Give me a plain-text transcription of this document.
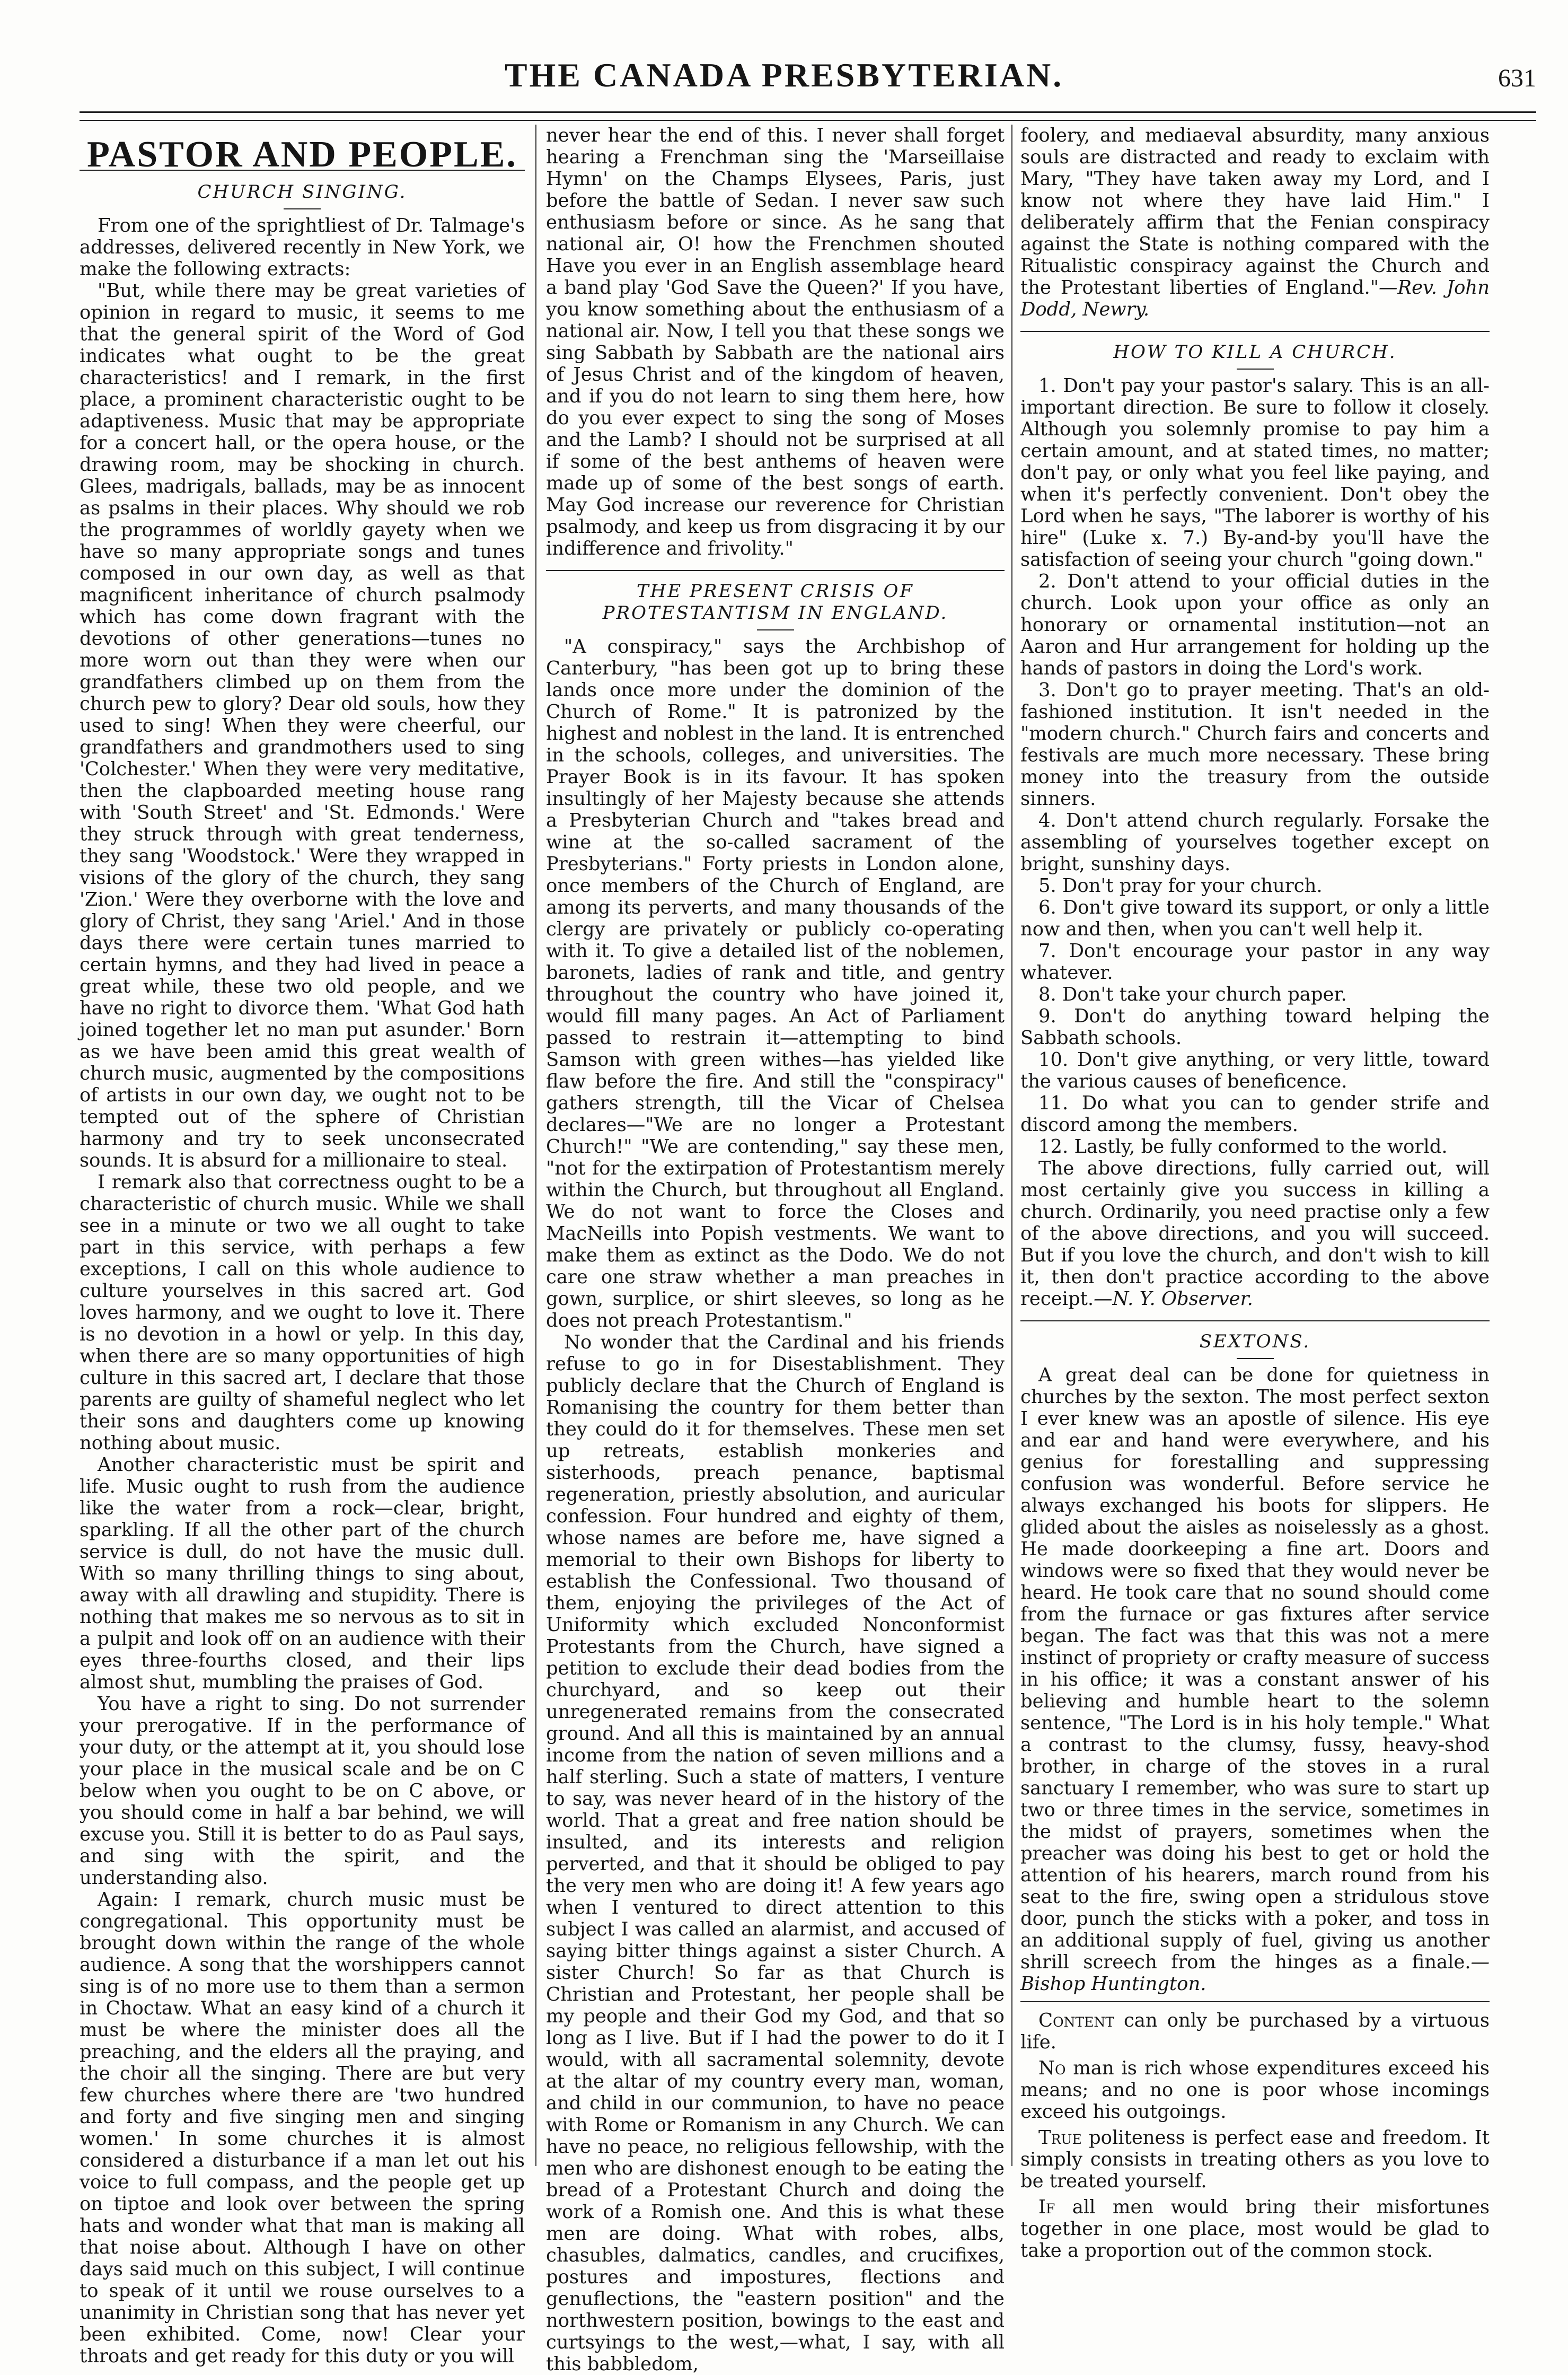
THE CANADA PRESBYTERIAN.	631
PASTOR AND PEOPLE.
CHURCH SINGING.

From one of the sprightliest of Dr. Talmage's addresses, delivered recently in New York, we make the following extracts:

"But, while there may be great varieties of opinion in regard to music, it seems to me that the general spirit of the Word of God indicates what ought to be the great characteristics! and I remark, in the first place, a prominent characteristic ought to be adaptiveness. Music that may be appropriate for a concert hall, or the opera house, or the drawing room, may be shocking in church. Glees, madrigals, ballads, may be as innocent as psalms in their places. Why should we rob the programmes of worldly gayety when we have so many appropriate songs and tunes composed in our own day, as well as that magnificent inheritance of church psalmody which has come down fragrant with the devotions of other generations—tunes no more worn out than they were when our grandfathers climbed up on them from the church pew to glory? Dear old souls, how they used to sing! When they were cheerful, our grandfathers and grandmothers used to sing 'Colchester.' When they were very meditative, then the clapboarded meeting house rang with 'South Street' and 'St. Edmonds.' Were they struck through with great tenderness, they sang 'Woodstock.' Were they wrapped in visions of the glory of the church, they sang 'Zion.' Were they overborne with the love and glory of Christ, they sang 'Ariel.' And in those days there were certain tunes married to certain hymns, and they had lived in peace a great while, these two old people, and we have no right to divorce them. 'What God hath joined together let no man put asunder.' Born as we have been amid this great wealth of church music, augmented by the compositions of artists in our own day, we ought not to be tempted out of the sphere of Christian harmony and try to seek unconsecrated sounds. It is absurd for a millionaire to steal.

I remark also that correctness ought to be a characteristic of church music. While we shall see in a minute or two we all ought to take part in this service, with perhaps a few exceptions, I call on this whole audience to culture yourselves in this sacred art. God loves harmony, and we ought to love it. There is no devotion in a howl or yelp. In this day, when there are so many opportunities of high culture in this sacred art, I declare that those parents are guilty of shameful neglect who let their sons and daughters come up knowing nothing about music.

Another characteristic must be spirit and life. Music ought to rush from the audience like the water from a rock—clear, bright, sparkling. If all the other part of the church service is dull, do not have the music dull. With so many thrilling things to sing about, away with all drawling and stupidity. There is nothing that makes me so nervous as to sit in a pulpit and look off on an audience with their eyes three-fourths closed, and their lips almost shut, mumbling the praises of God.

You have a right to sing. Do not surrender your prerogative. If in the performance of your duty, or the attempt at it, you should lose your place in the musical scale and be on C below when you ought to be on C above, or you should come in half a bar behind, we will excuse you. Still it is better to do as Paul says, and sing with the spirit, and the understanding also.

Again: I remark, church music must be congregational. This opportunity must be brought down within the range of the whole audience. A song that the worshippers cannot sing is of no more use to them than a sermon in Choctaw. What an easy kind of a church it must be where the minister does all the preaching, and the elders all the praying, and the choir all the singing. There are but very few churches where there are 'two hundred and forty and five singing men and singing women.' In some churches it is almost considered a disturbance if a man let out his voice to full compass, and the people get up on tiptoe and look over between the spring hats and wonder what that man is making all that noise about. Although I have on other days said much on this subject, I will continue to speak of it until we rouse ourselves to a unanimity in Christian song that has never yet been exhibited. Come, now! Clear your throats and get ready for this duty or you will

never hear the end of this. I never shall forget hearing a Frenchman sing the 'Marseillaise Hymn' on the Champs Elysees, Paris, just before the battle of Sedan. I never saw such enthusiasm before or since. As he sang that national air, O! how the Frenchmen shouted Have you ever in an English assemblage heard a band play 'God Save the Queen?' If you have, you know something about the enthusiasm of a national air. Now, I tell you that these songs we sing Sabbath by Sabbath are the national airs of Jesus Christ and of the kingdom of heaven, and if you do not learn to sing them here, how do you ever expect to sing the song of Moses and the Lamb? I should not be surprised at all if some of the best anthems of heaven were made up of some of the best songs of earth. May God increase our reverence for Christian psalmody, and keep us from disgracing it by our indifference and frivolity."

THE PRESENT CRISIS OF PROTESTANTISM IN ENGLAND.

"A conspiracy," says the Archbishop of Canterbury, "has been got up to bring these lands once more under the dominion of the Church of Rome." It is patronized by the highest and noblest in the land. It is entrenched in the schools, colleges, and universities. The Prayer Book is in its favour. It has spoken insultingly of her Majesty because she attends a Presbyterian Church and "takes bread and wine at the so-called sacrament of the Presbyterians." Forty priests in London alone, once members of the Church of England, are among its perverts, and many thousands of the clergy are privately or publicly co-operating with it. To give a detailed list of the noblemen, baronets, ladies of rank and title, and gentry throughout the country who have joined it, would fill many pages. An Act of Parliament passed to restrain it—attempting to bind Samson with green withes—has yielded like flaw before the fire. And still the "conspiracy" gathers strength, till the Vicar of Chelsea declares—"We are no longer a Protestant Church!" "We are contending," say these men, "not for the extirpation of Protestantism merely within the Church, but throughout all England. We do not want to force the Closes and MacNeills into Popish vestments. We want to make them as extinct as the Dodo. We do not care one straw whether a man preaches in gown, surplice, or shirt sleeves, so long as he does not preach Protestantism."

No wonder that the Cardinal and his friends refuse to go in for Disestablishment. They publicly declare that the Church of England is Romanising the country for them better than they could do it for themselves. These men set up retreats, establish monkeries and sisterhoods, preach penance, baptismal regeneration, priestly absolution, and auricular confession. Four hundred and eighty of them, whose names are before me, have signed a memorial to their own Bishops for liberty to establish the Confessional. Two thousand of them, enjoying the privileges of the Act of Uniformity which excluded Nonconformist Protestants from the Church, have signed a petition to exclude their dead bodies from the churchyard, and so keep out their unregenerated remains from the consecrated ground. And all this is maintained by an annual income from the nation of seven millions and a half sterling. Such a state of matters, I venture to say, was never heard of in the history of the world. That a great and free nation should be insulted, and its interests and religion perverted, and that it should be obliged to pay the very men who are doing it! A few years ago when I ventured to direct attention to this subject I was called an alarmist, and accused of saying bitter things against a sister Church. A sister Church! So far as that Church is Christian and Protestant, her people shall be my people and their God my God, and that so long as I live. But if I had the power to do it I would, with all sacramental solemnity, devote at the altar of my country every man, woman, and child in our communion, to have no peace with Rome or Romanism in any Church. We can have no peace, no religious fellowship, with the men who are dishonest enough to be eating the bread of a Protestant Church and doing the work of a Romish one. And this is what these men are doing. What with robes, albs, chasubles, dalmatics, candles, and crucifixes, postures and impostures, flections and genuflections, the "eastern position" and the northwestern position, bowings to the east and curtsyings to the west,—what, I say, with all this babbledom,

foolery, and mediaeval absurdity, many anxious souls are distracted and ready to exclaim with Mary, "They have taken away my Lord, and I know not where they have laid Him." I deliberately affirm that the Fenian conspiracy against the State is nothing compared with the Ritualistic conspiracy against the Church and the Protestant liberties of England."—Rev. John Dodd, Newry.

HOW TO KILL A CHURCH.

1. Don't pay your pastor's salary. This is an all-important direction. Be sure to follow it closely. Although you solemnly promise to pay him a certain amount, and at stated times, no matter; don't pay, or only what you feel like paying, and when it's perfectly convenient. Don't obey the Lord when he says, "The laborer is worthy of his hire" (Luke x. 7.) By-and-by you'll have the satisfaction of seeing your church "going down."

2. Don't attend to your official duties in the church. Look upon your office as only an honorary or ornamental institution—not an Aaron and Hur arrangement for holding up the hands of pastors in doing the Lord's work.

3. Don't go to prayer meeting. That's an old-fashioned institution. It isn't needed in the "modern church." Church fairs and concerts and festivals are much more necessary. These bring money into the treasury from the outside sinners.

4. Don't attend church regularly. Forsake the assembling of yourselves together except on bright, sunshiny days.

5. Don't pray for your church.

6. Don't give toward its support, or only a little now and then, when you can't well help it.

7. Don't encourage your pastor in any way whatever.

8. Don't take your church paper.

9. Don't do anything toward helping the Sabbath schools.

10. Don't give anything, or very little, toward the various causes of beneficence.

11. Do what you can to gender strife and discord among the members.

12. Lastly, be fully conformed to the world.

The above directions, fully carried out, will most certainly give you success in killing a church. Ordinarily, you need practise only a few of the above directions, and you will succeed. But if you love the church, and don't wish to kill it, then don't practice according to the above receipt.—N. Y. Observer.

SEXTONS.

A great deal can be done for quietness in churches by the sexton. The most perfect sexton I ever knew was an apostle of silence. His eye and ear and hand were everywhere, and his genius for forestalling and suppressing confusion was wonderful. Before service he always exchanged his boots for slippers. He glided about the aisles as noiselessly as a ghost. He made doorkeeping a fine art. Doors and windows were so fixed that they would never be heard. He took care that no sound should come from the furnace or gas fixtures after service began. The fact was that this was not a mere instinct of propriety or crafty measure of success in his office; it was a constant answer of his believing and humble heart to the solemn sentence, "The Lord is in his holy temple." What a contrast to the clumsy, fussy, heavy-shod brother, in charge of the stoves in a rural sanctuary I remember, who was sure to start up two or three times in the service, sometimes in the midst of prayers, sometimes when the preacher was doing his best to get or hold the attention of his hearers, march round from his seat to the fire, swing open a stridulous stove door, punch the sticks with a poker, and toss in an additional supply of fuel, giving us another shrill screech from the hinges as a finale.—Bishop Huntington.

Content can only be purchased by a virtuous life.

No man is rich whose expenditures exceed his means; and no one is poor whose incomings exceed his outgoings.

True politeness is perfect ease and freedom. It simply consists in treating others as you love to be treated yourself.

If all men would bring their misfortunes together in one place, most would be glad to take a proportion out of the common stock.
